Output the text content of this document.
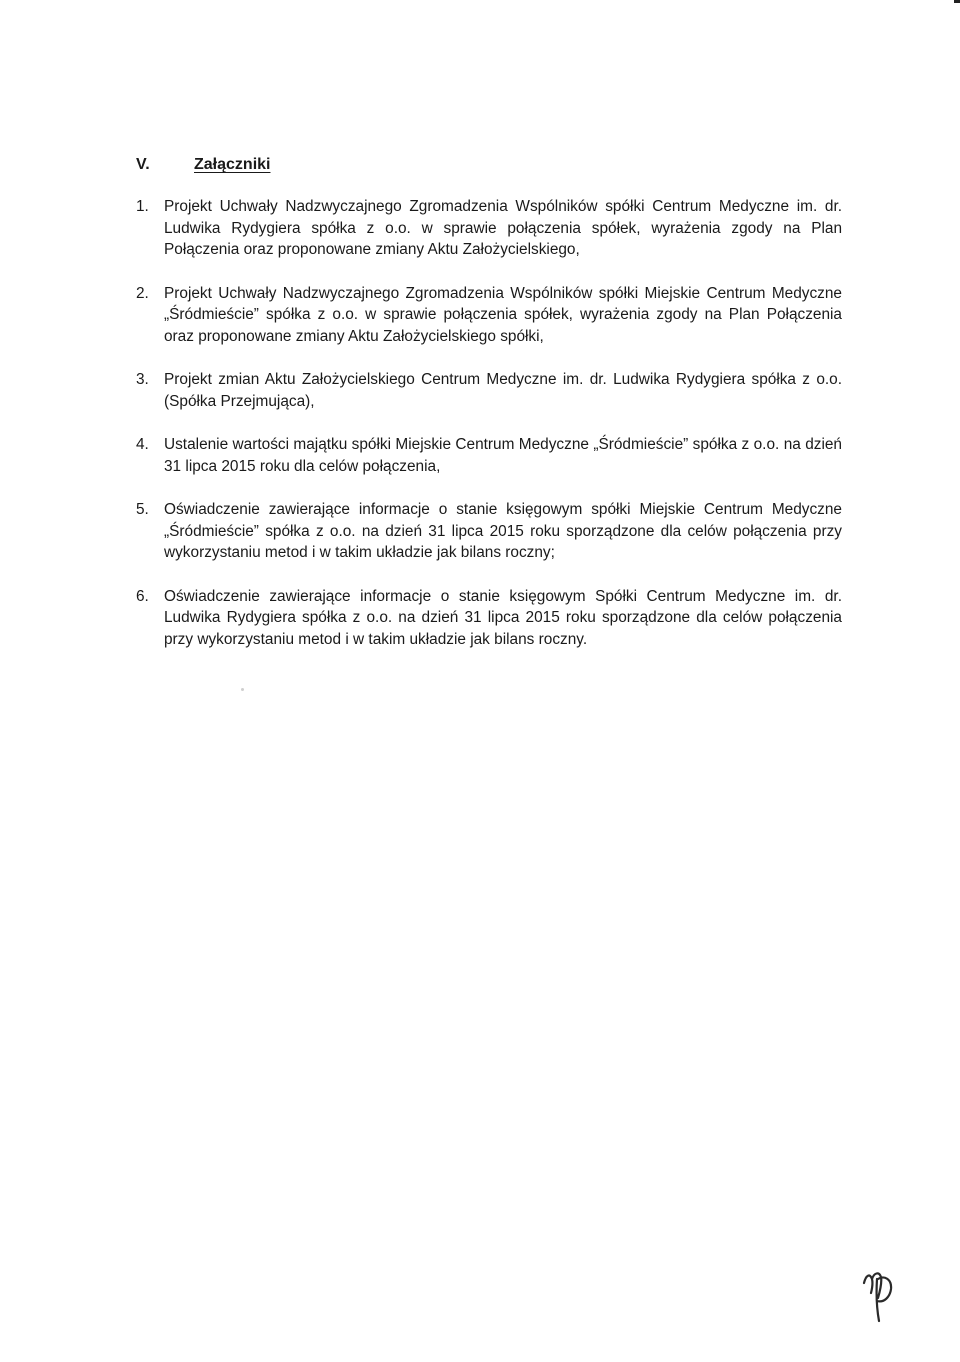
V.	Załączniki
1. Projekt Uchwały Nadzwyczajnego Zgromadzenia Wspólników spółki Centrum Medyczne im. dr. Ludwika Rydygiera spółka z o.o. w sprawie połączenia spółek, wyrażenia zgody na Plan Połączenia oraz proponowane zmiany Aktu Założycielskiego,
2. Projekt Uchwały Nadzwyczajnego Zgromadzenia Wspólników spółki Miejskie Centrum Medyczne „Śródmieście” spółka z o.o. w sprawie połączenia spółek, wyrażenia zgody na Plan Połączenia oraz proponowane zmiany Aktu Założycielskiego spółki,
3. Projekt zmian Aktu Założycielskiego Centrum Medyczne im. dr. Ludwika Rydygiera spółka z o.o. (Spółka Przejmująca),
4. Ustalenie wartości majątku spółki Miejskie Centrum Medyczne „Śródmieście” spółka z o.o. na dzień 31 lipca 2015 roku dla celów połączenia,
5. Oświadczenie zawierające informacje o stanie księgowym spółki Miejskie Centrum Medyczne „Śródmieście” spółka z o.o. na dzień 31 lipca 2015 roku sporządzone dla celów połączenia przy wykorzystaniu metod i w takim układzie jak bilans roczny;
6. Oświadczenie zawierające informacje o stanie księgowym Spółki Centrum Medyczne im. dr. Ludwika Rydygiera spółka z o.o. na dzień 31 lipca 2015 roku sporządzone dla celów połączenia przy wykorzystaniu metod i w takim układzie jak bilans roczny.
